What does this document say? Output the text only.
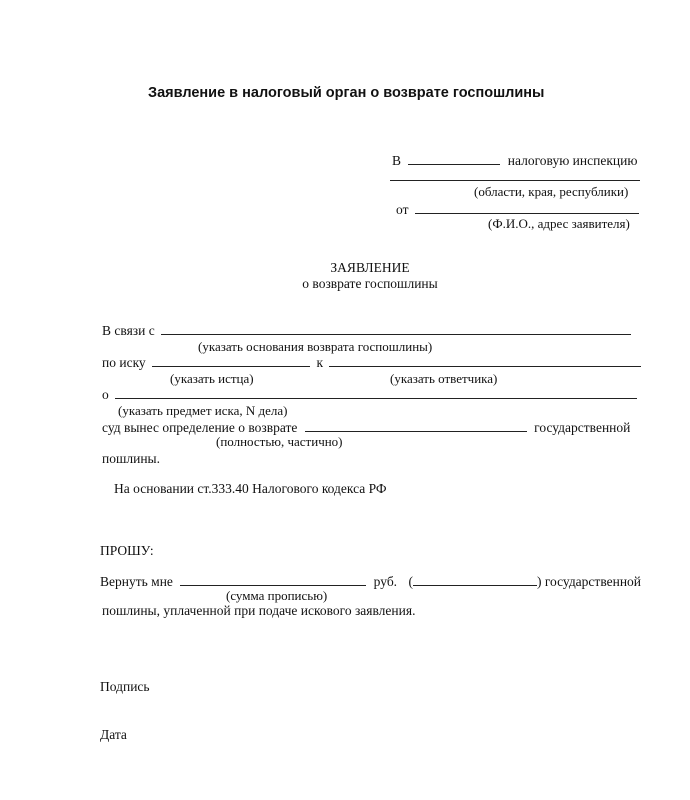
Заявление в налоговый орган о возврате госпошлины
В	налоговую инспекцию
(области, края, республики)
от
(Ф.И.О., адрес заявителя)
ЗАЯВЛЕНИЕ
о возврате госпошлины
В связи с
(указать основания возврата госпошлины)
по иску	к
(указать истца)	(указать ответчика)
о
(указать предмет иска, N дела)
суд вынес определение о возврате	государственной
(полностью, частично)
пошлины.
На основании ст.333.40 Налогового кодекса РФ
ПРОШУ:
Вернуть мне	руб. (	) государственной
(сумма прописью)
пошлины, уплаченной при подаче искового заявления.
Подпись
Дата
